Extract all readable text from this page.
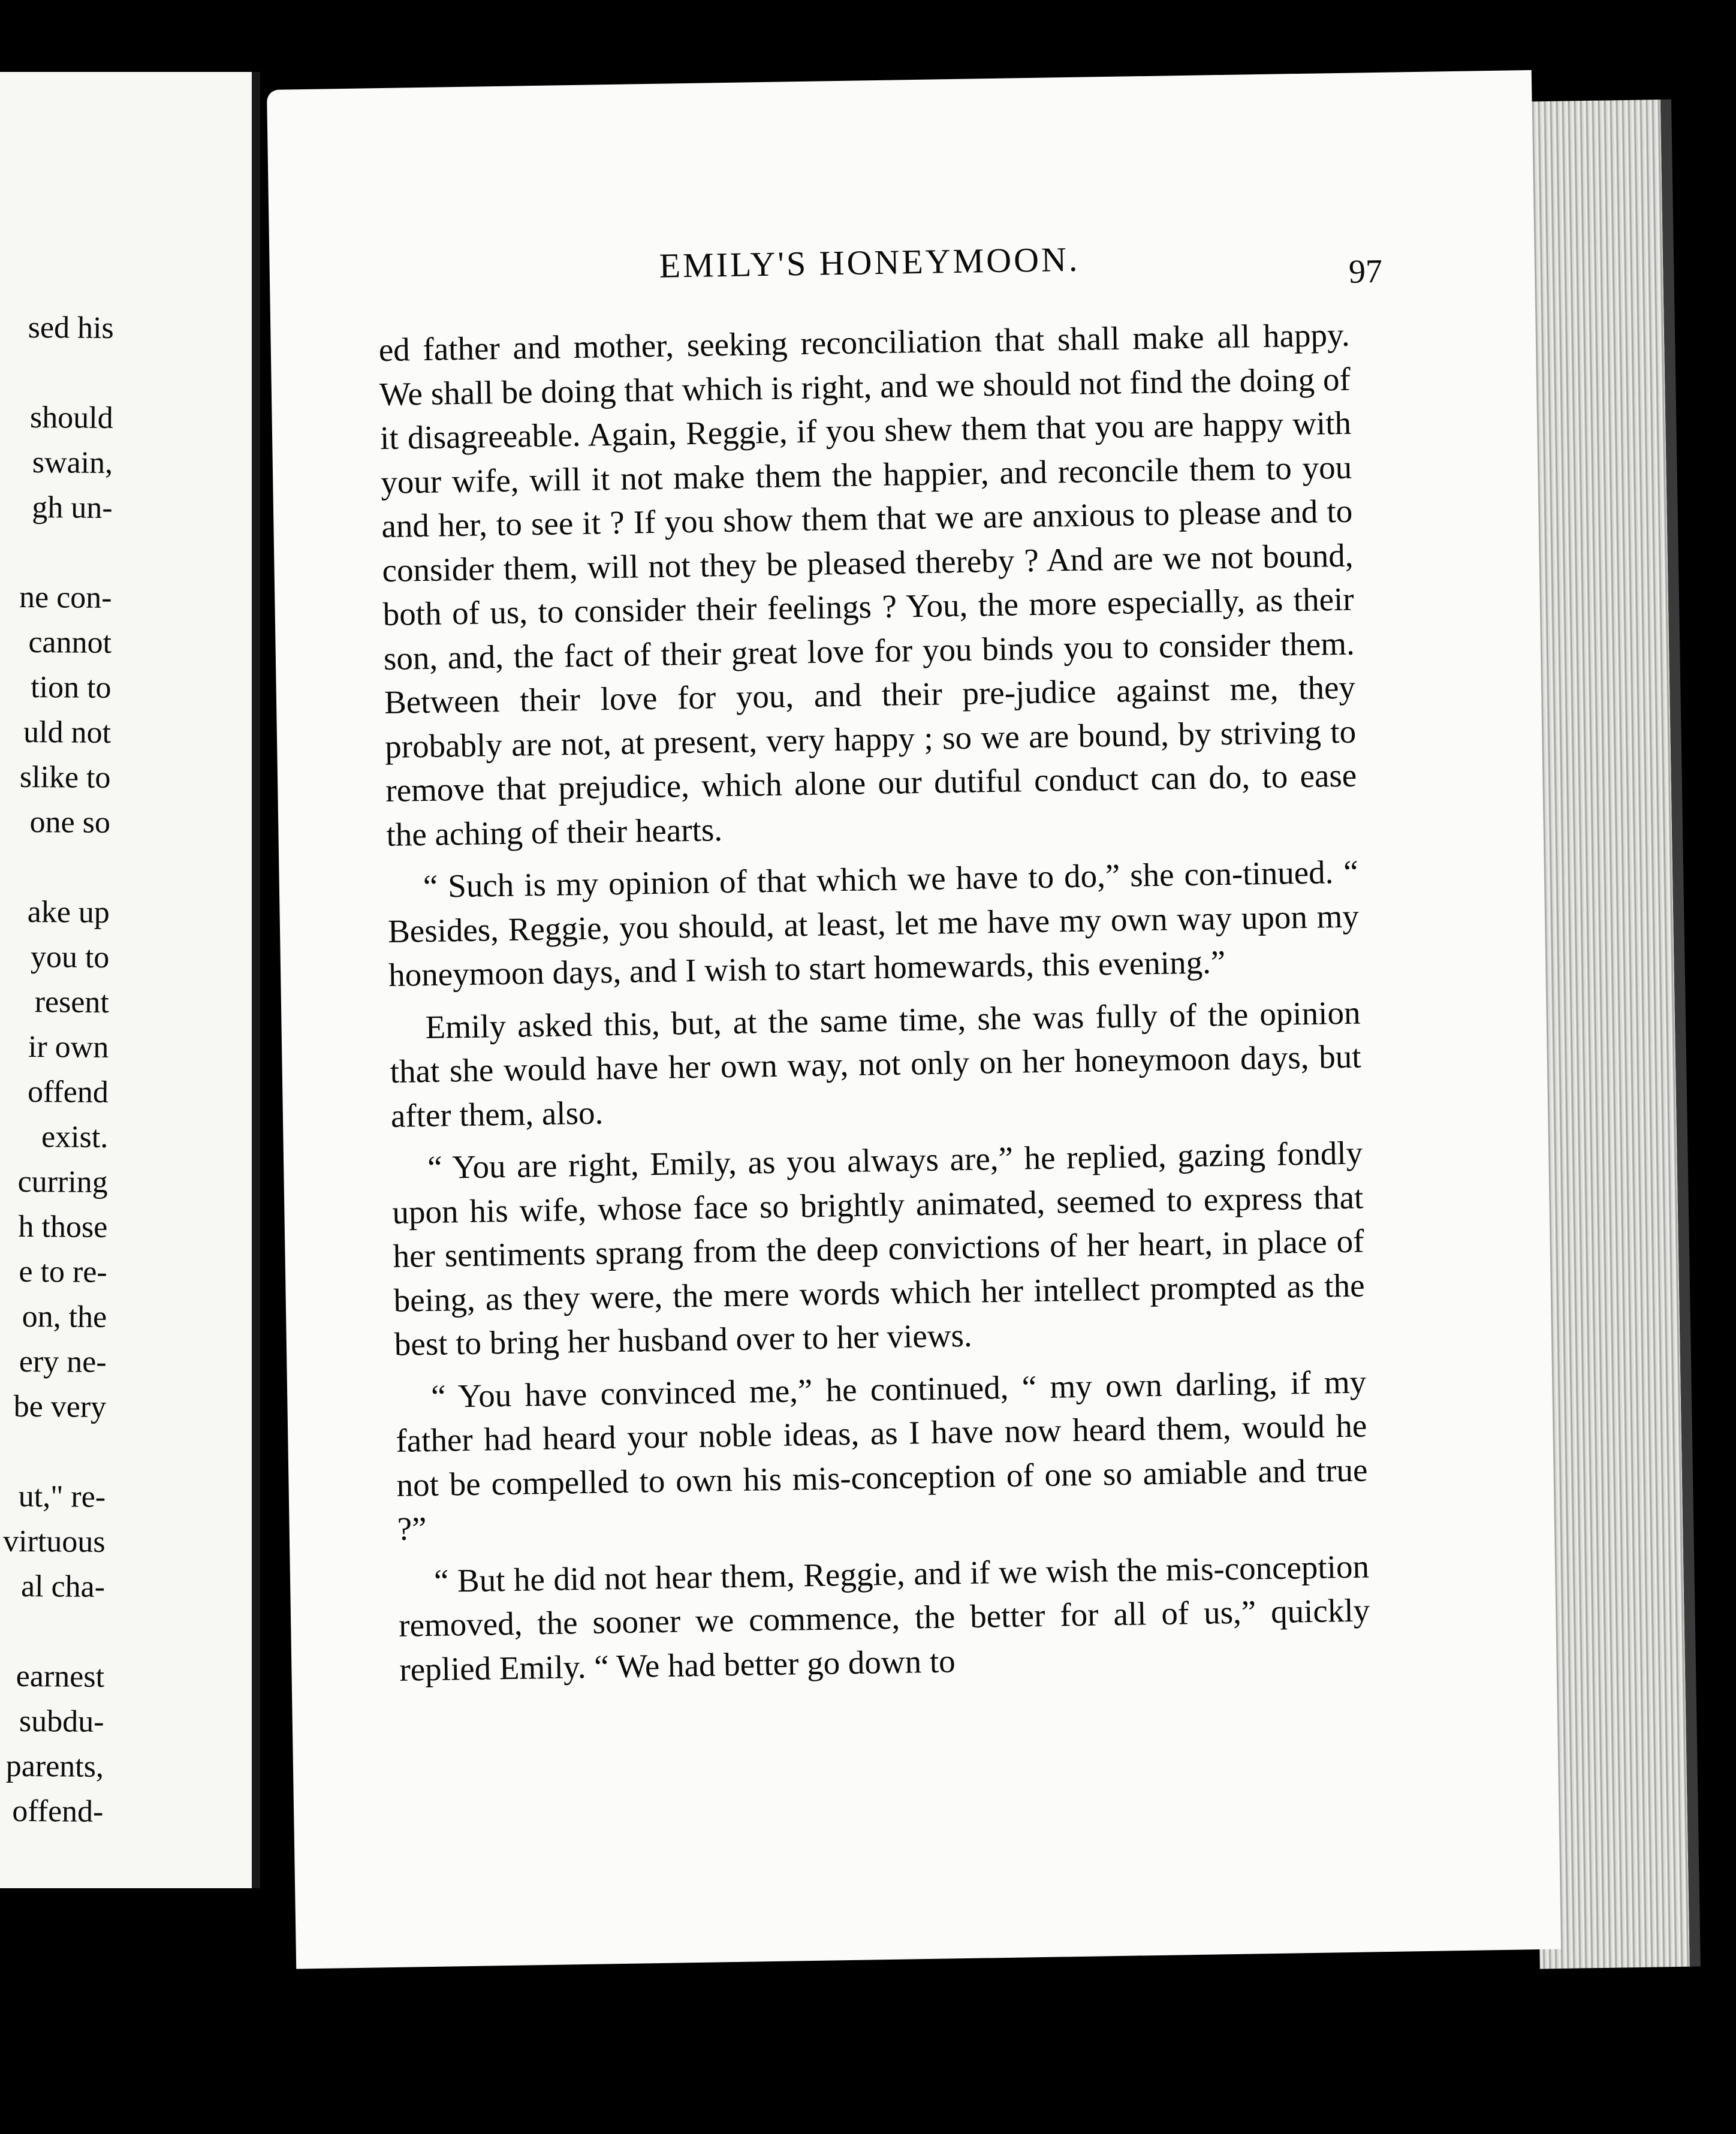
sed his
should
swain,
gh un-
ne con-
cannot
tion to
uld not
slike to
one so
ake up
you to
resent
ir own
offend
exist.
curring
h those
e to re-
on, the
ery ne-
be very
ut," re-
virtuous
al cha-
earnest
subdu-
parents,
offend-
EMILY'S HONEYMOON.	97

ed father and mother, seeking reconciliation that shall make all happy. We shall be doing that which is right, and we should not find the doing of it disagreeable. Again, Reggie, if you shew them that you are happy with your wife, will it not make them the happier, and reconcile them to you and her, to see it ? If you show them that we are anxious to please and to consider them, will not they be pleased thereby ? And are we not bound, both of us, to consider their feelings ? You, the more especially, as their son, and, the fact of their great love for you binds you to consider them. Between their love for you, and their pre-judice against me, they probably are not, at present, very happy ; so we are bound, by striving to remove that prejudice, which alone our dutiful conduct can do, to ease the aching of their hearts.

“ Such is my opinion of that which we have to do,” she con-tinued. “ Besides, Reggie, you should, at least, let me have my own way upon my honeymoon days, and I wish to start homewards, this evening.”

Emily asked this, but, at the same time, she was fully of the opinion that she would have her own way, not only on her honeymoon days, but after them, also.

“ You are right, Emily, as you always are,” he replied, gazing fondly upon his wife, whose face so brightly animated, seemed to express that her sentiments sprang from the deep convictions of her heart, in place of being, as they were, the mere words which her intellect prompted as the best to bring her husband over to her views.

“ You have convinced me,” he continued, “ my own darling, if my father had heard your noble ideas, as I have now heard them, would he not be compelled to own his mis-conception of one so amiable and true ?”

“ But he did not hear them, Reggie, and if we wish the mis-conception removed, the sooner we commence, the better for all of us,” quickly replied Emily. “ We had better go down to
